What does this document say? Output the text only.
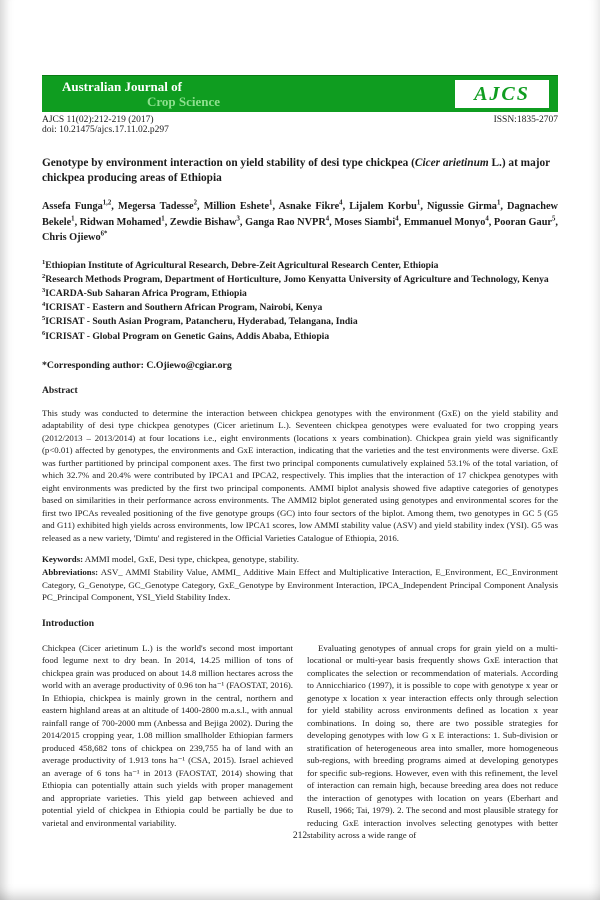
Australian Journal of
Crop Science	AJCS
AJCS 11(02):212-219 (2017)	ISSN:1835-2707
doi: 10.21475/ajcs.17.11.02.p297
Genotype by environment interaction on yield stability of desi type chickpea (Cicer arietinum L.) at major chickpea producing areas of Ethiopia
Assefa Funga$^{1,2}$, Megersa Tadesse$^2$, Million Eshete$^1$, Asnake Fikre$^4$, Lijalem Korbu$^1$, Nigussie Girma$^1$, Dagnachew Bekele$^1$, Ridwan Mohamed$^1$, Zewdie Bishaw$^3$, Ganga Rao NVPR$^4$, Moses Siambi$^4$, Emmanuel Monyo$^4$, Pooran Gaur$^5$, Chris Ojiewo$^{6*}$
$^1$Ethiopian Institute of Agricultural Research, Debre-Zeit Agricultural Research Center, Ethiopia
$^2$Research Methods Program, Department of Horticulture, Jomo Kenyatta University of Agriculture and Technology, Kenya
$^3$ICARDA-Sub Saharan Africa Program, Ethiopia
$^4$ICRISAT - Eastern and Southern African Program, Nairobi, Kenya
$^5$ICRISAT - South Asian Program, Patancheru, Hyderabad, Telangana, India
$^6$ICRISAT - Global Program on Genetic Gains, Addis Ababa, Ethiopia
*Corresponding author: C.Ojiewo@cgiar.org
Abstract
This study was conducted to determine the interaction between chickpea genotypes with the environment (GxE) on the yield stability and adaptability of desi type chickpea genotypes (Cicer arietinum L.). Seventeen chickpea genotypes were evaluated for two cropping years (2012/2013 – 2013/2014) at four locations i.e., eight environments (locations x years combination). Chickpea grain yield was significantly (p<0.01) affected by genotypes, the environments and GxE interaction, indicating that the varieties and the test environments were diverse. GxE was further partitioned by principal component axes. The first two principal components cumulatively explained 53.1% of the total variation, of which 32.7% and 20.4% were contributed by IPCA1 and IPCA2, respectively. This implies that the interaction of 17 chickpea genotypes with eight environments was predicted by the first two principal components. AMMI biplot analysis showed five adaptive categories of genotypes based on similarities in their performance across environments. The AMMI2 biplot generated using genotypes and environmental scores for the first two IPCAs revealed positioning of the five genotype groups (GC) into four sectors of the biplot. Among them, two genotypes in GC 5 (G5 and G11) exhibited high yields across environments, low IPCA1 scores, low AMMI stability value (ASV) and yield stability index (YSI). G5 was released as a new variety, 'Dimtu' and registered in the Official Varieties Catalogue of Ethiopia, 2016.
Keywords: AMMI model, GxE, Desi type, chickpea, genotype, stability.
Abbreviations: ASV_ AMMI Stability Value, AMMI_ Additive Main Effect and Multiplicative Interaction, E_Environment, EC_Environment Category, G_Genotype, GC_Genotype Category, GxE_Genotype by Environment Interaction, IPCA_Independent Principal Component Analysis PC_Principal Component, YSI_Yield Stability Index.
Introduction

Chickpea (Cicer arietinum L.) is the world's second most important food legume next to dry bean. In 2014, 14.25 million of tons of chickpea grain was produced on about 14.8 million hectares across the world with an average productivity of 0.96 ton ha⁻¹ (FAOSTAT, 2016). In Ethiopia, chickpea is mainly grown in the central, northern and eastern highland areas at an altitude of 1400-2800 m.a.s.l., with annual rainfall range of 700-2000 mm (Anbessa and Bejiga 2002). During the 2014/2015 cropping year, 1.08 million smallholder Ethiopian farmers produced 458,682 tons of chickpea on 239,755 ha of land with an average productivity of 1.913 tons ha⁻¹ (CSA, 2015). Israel achieved an average of 6 tons ha⁻¹ in 2013 (FAOSTAT, 2014) showing that Ethiopia can potentially attain such yields with proper management and appropriate varieties. This yield gap between achieved and potential yield of chickpea in Ethiopia could be partially be due to varietal and environmental variability.

Evaluating genotypes of annual crops for grain yield on a multi-locational or multi-year basis frequently shows GxE interaction that complicates the selection or recommendation of materials. According to Annicchiarico (1997), it is possible to cope with genotype x year or genotype x location x year interaction effects only through selection for yield stability across environments defined as location x year combinations. In doing so, there are two possible strategies for developing genotypes with low G x E interactions: 1. Sub-division or stratification of heterogeneous area into smaller, more homogeneous sub-regions, with breeding programs aimed at developing genotypes for specific sub-regions. However, even with this refinement, the level of interaction can remain high, because breeding area does not reduce the interaction of genotypes with location on years (Eberhart and Rusell, 1966; Tai, 1979). 2. The second and most plausible strategy for reducing GxE interaction involves selecting genotypes with better stability across a wide range of

212
